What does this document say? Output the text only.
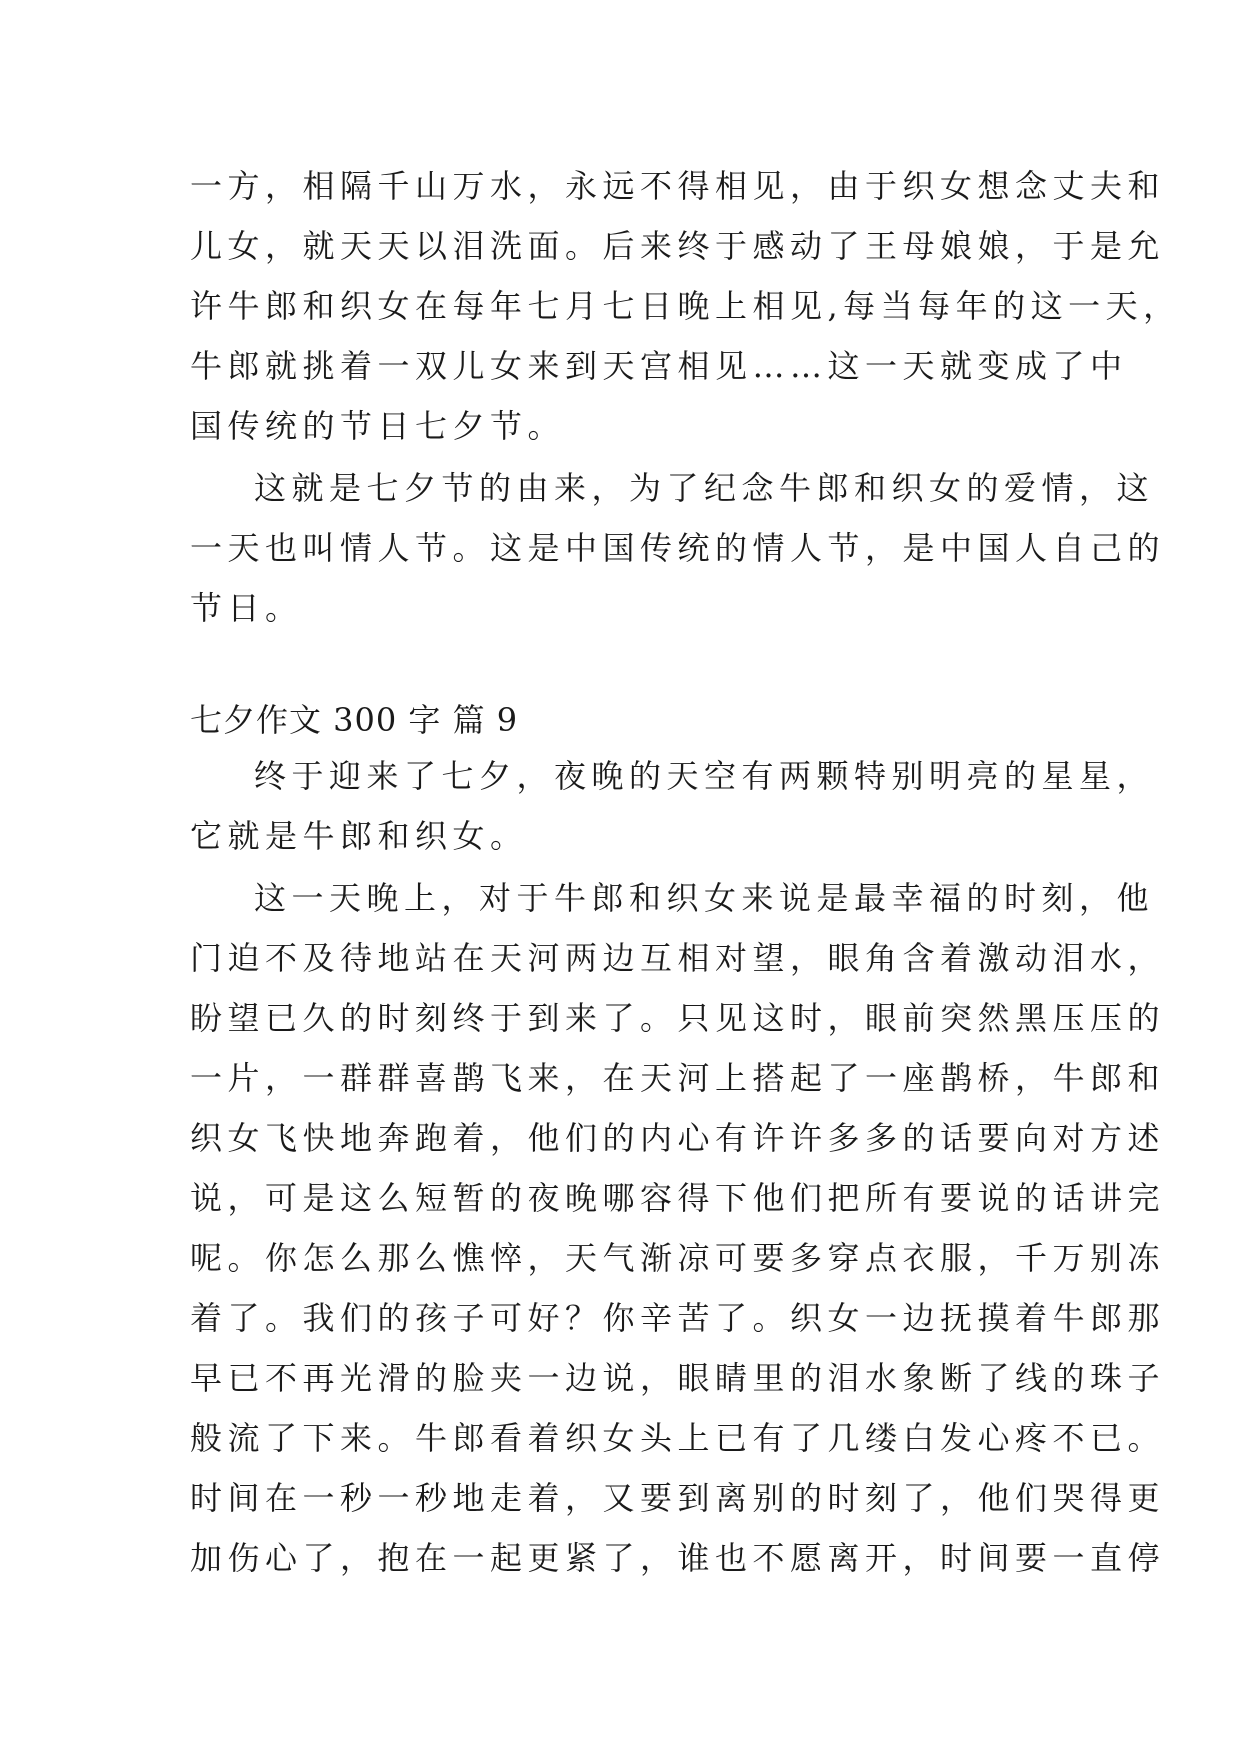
一方，相隔千山万水，永远不得相见，由于织女想念丈夫和
儿女，就天天以泪洗面。后来终于感动了王母娘娘，于是允
许牛郎和织女在每年七月七日晚上相见,每当每年的这一天，
牛郎就挑着一双儿女来到天宫相见……这一天就变成了中
国传统的节日七夕节。
这就是七夕节的由来，为了纪念牛郎和织女的爱情，这
一天也叫情人节。这是中国传统的情人节，是中国人自己的
节日。
七夕作文 300 字 篇 9
终于迎来了七夕，夜晚的天空有两颗特别明亮的星星，
它就是牛郎和织女。
这一天晚上，对于牛郎和织女来说是最幸福的时刻，他
门迫不及待地站在天河两边互相对望，眼角含着激动泪水，
盼望已久的时刻终于到来了。只见这时，眼前突然黑压压的
一片，一群群喜鹊飞来，在天河上搭起了一座鹊桥，牛郎和
织女飞快地奔跑着，他们的内心有许许多多的话要向对方述
说，可是这么短暂的夜晚哪容得下他们把所有要说的话讲完
呢。你怎么那么憔悴，天气渐凉可要多穿点衣服，千万别冻
着了。我们的孩子可好？你辛苦了。织女一边抚摸着牛郎那
早已不再光滑的脸夹一边说，眼睛里的泪水象断了线的珠子
般流了下来。牛郎看着织女头上已有了几缕白发心疼不已。
时间在一秒一秒地走着，又要到离别的时刻了，他们哭得更
加伤心了，抱在一起更紧了，谁也不愿离开，时间要一直停
